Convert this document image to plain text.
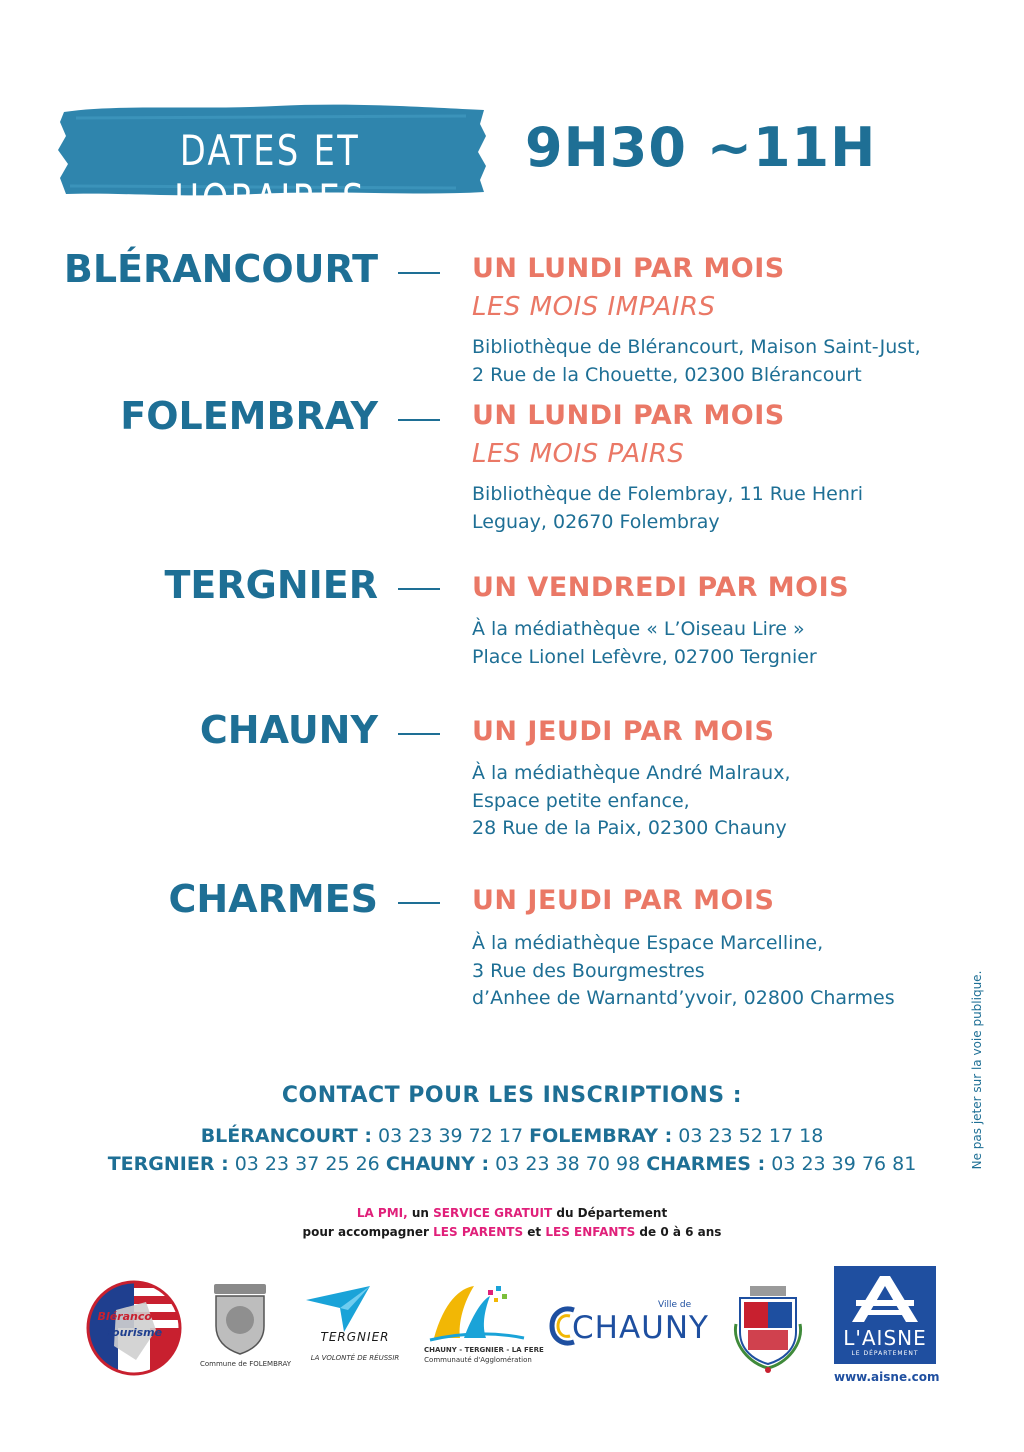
DATES ET HORAIRES
9H30 ~11H
BLÉRANCOURT	UN LUNDI PAR MOIS
LES MOIS IMPAIRS
Bibliothèque de Blérancourt, Maison Saint-Just,
2 Rue de la Chouette, 02300 Blérancourt
FOLEMBRAY	UN LUNDI PAR MOIS
LES MOIS PAIRS
Bibliothèque de Folembray, 11 Rue Henri
Leguay, 02670 Folembray
TERGNIER	UN VENDREDI PAR MOIS
À la médiathèque « L’Oiseau Lire »
Place Lionel Lefèvre, 02700 Tergnier
CHAUNY	UN JEUDI PAR MOIS
À la médiathèque André Malraux,
Espace petite enfance,
28 Rue de la Paix, 02300 Chauny
CHARMES	UN JEUDI PAR MOIS
À la médiathèque Espace Marcelline,
3 Rue des Bourgmestres
d’Anhee de Warnantd’yvoir, 02800 Charmes	Ne pas jeter sur la voie publique.
CONTACT POUR LES INSCRIPTIONS :
BLÉRANCOURT : 03 23 39 72 17 FOLEMBRAY : 03 23 52 17 18
TERGNIER : 03 23 37 25 26 CHAUNY : 03 23 38 70 98 CHARMES : 03 23 39 76 81
LA PMI, un SERVICE GRATUIT du Département
pour accompagner LES PARENTS et LES ENFANTS de 0 à 6 ans
Blérancourt
Tourisme
Commune de FOLEMBRAY
TERGNIER
LA VOLONTÉ DE RÉUSSIR
CHAUNY - TERGNIER - LA FERE
Communauté d'Agglomération
Ville de
CHAUNY	L'AISNE
LE DÉPARTEMENT
www.aisne.com
